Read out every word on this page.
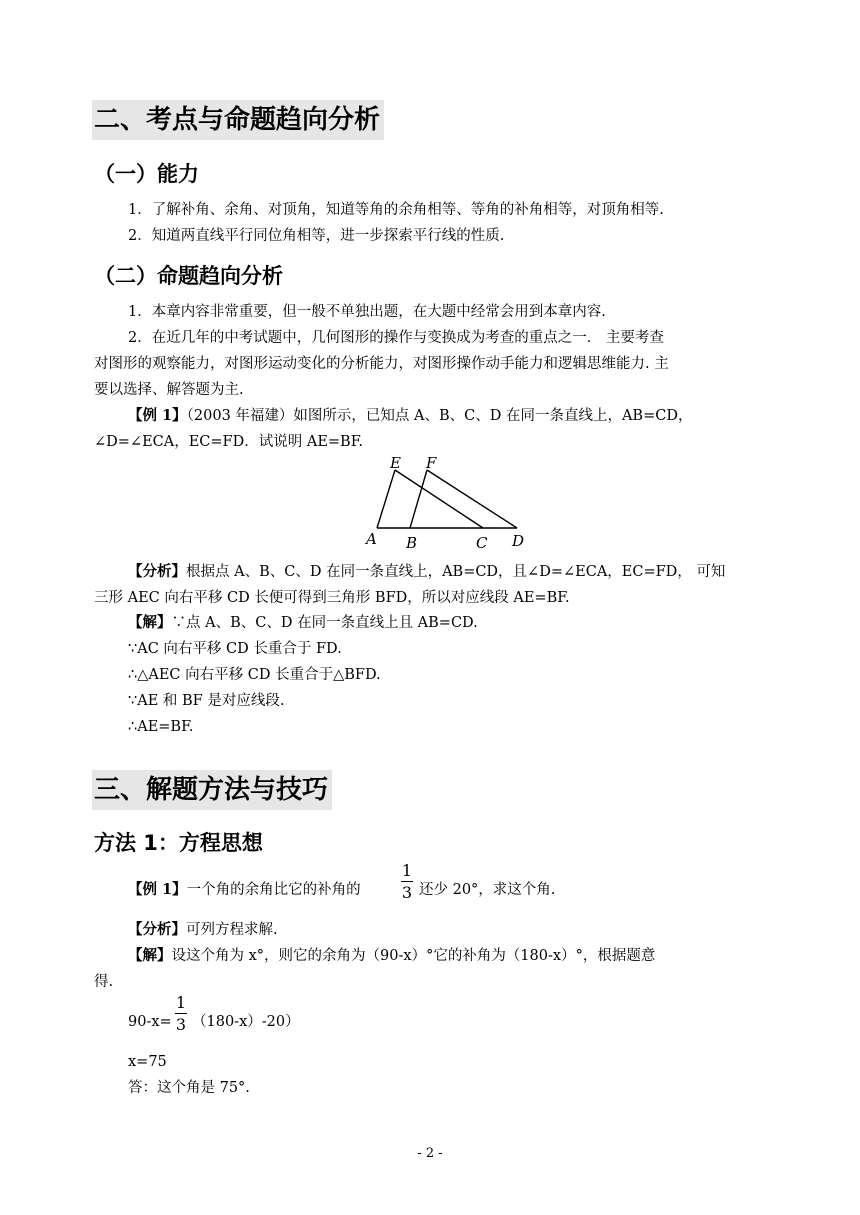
二、考点与命题趋向分析
（一）能力
1．了解补角、余角、对顶角，知道等角的余角相等、等角的补角相等，对顶角相等.
2．知道两直线平行同位角相等，进一步探索平行线的性质.
（二）命题趋向分析
1．本章内容非常重要，但一般不单独出题，在大题中经常会用到本章内容.
2．在近几年的中考试题中，几何图形的操作与变换成为考查的重点之一． 主要考查
对图形的观察能力，对图形运动变化的分析能力，对图形操作动手能力和逻辑思维能力. 主
要以选择、解答题为主.
【例 1】（2003 年福建）如图所示，已知点 A、B、C、D 在同一条直线上，AB=CD，
∠D=∠ECA，EC=FD．试说明 AE=BF.
E F
A B	C D
【分析】根据点 A、B、C、D 在同一条直线上，AB=CD，且∠D=∠ECA，EC=FD， 可知
三形 AEC 向右平移 CD 长便可得到三角形 BFD，所以对应线段 AE=BF.
【解】∵点 A、B、C、D 在同一条直线上且 AB=CD.
∵AC 向右平移 CD 长重合于 FD.
∴△AEC 向右平移 CD 长重合于△BFD.
∵AE 和 BF 是对应线段.
∴AE=BF.
三、解题方法与技巧
方法 1：方程思想
【例 1】一个角的余角比它的补角的
1
3 还少 20°，求这个角.
【分析】可列方程求解.
【解】设这个角为 x°，则它的余角为（90-x）°它的补角为（180-x）°，根据题意
得.
90-x=
1
3 （180-x）-20）
x=75
答：这个角是 75°.
- 2 -
